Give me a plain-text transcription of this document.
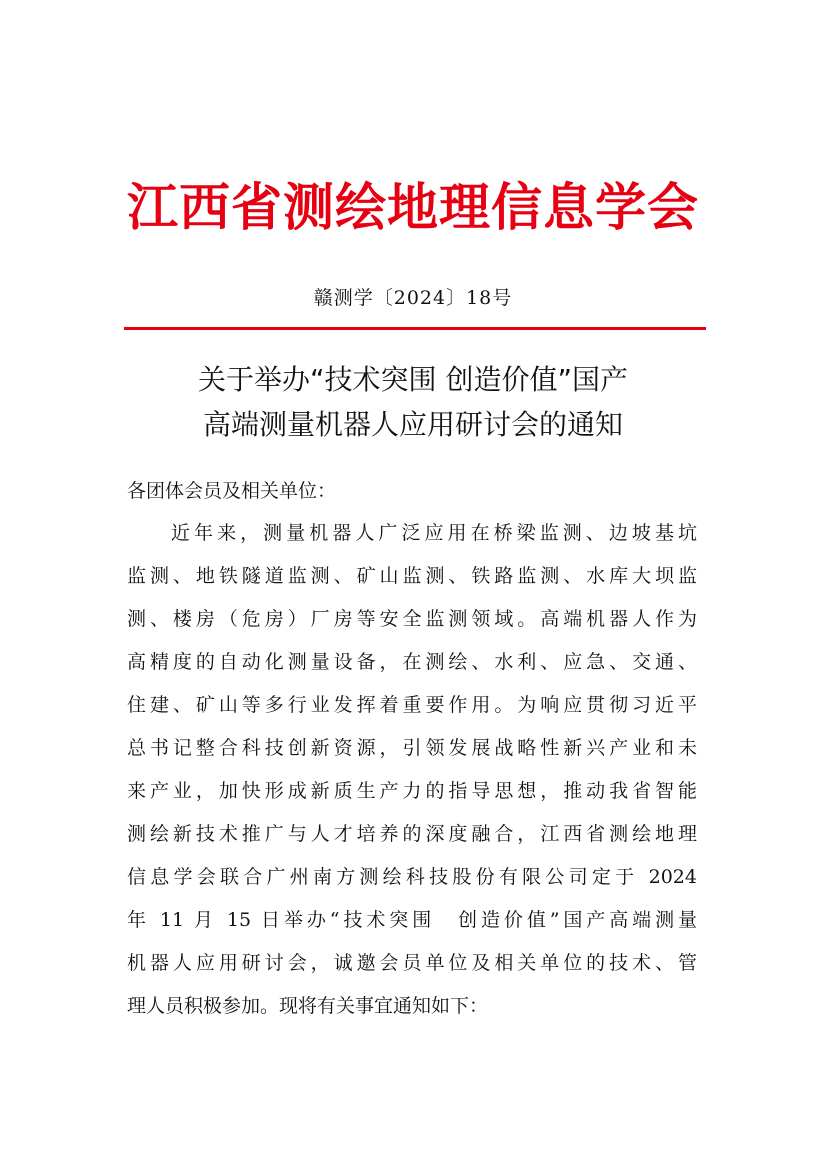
江西省测绘地理信息学会
赣测学〔2024〕18号
关于举办“技术突围 创造价值”国产
高端测量机器人应用研讨会的通知
各团体会员及相关单位：
近年来，测量机器人广泛应用在桥梁监测、边坡基坑
监测、地铁隧道监测、矿山监测、铁路监测、水库大坝监
测、楼房（危房）厂房等安全监测领域。高端机器人作为
高精度的自动化测量设备，在测绘、水利、应急、交通、
住建、矿山等多行业发挥着重要作用。为响应贯彻习近平
总书记整合科技创新资源，引领发展战略性新兴产业和未
来产业，加快形成新质生产力的指导思想，推动我省智能
测绘新技术推广与人才培养的深度融合，江西省测绘地理
信息学会联合广州南方测绘科技股份有限公司定于 2024
年 11 月 15 日举办“技术突围　创造价值”国产高端测量
机器人应用研讨会，诚邀会员单位及相关单位的技术、管
理人员积极参加。现将有关事宜通知如下：
